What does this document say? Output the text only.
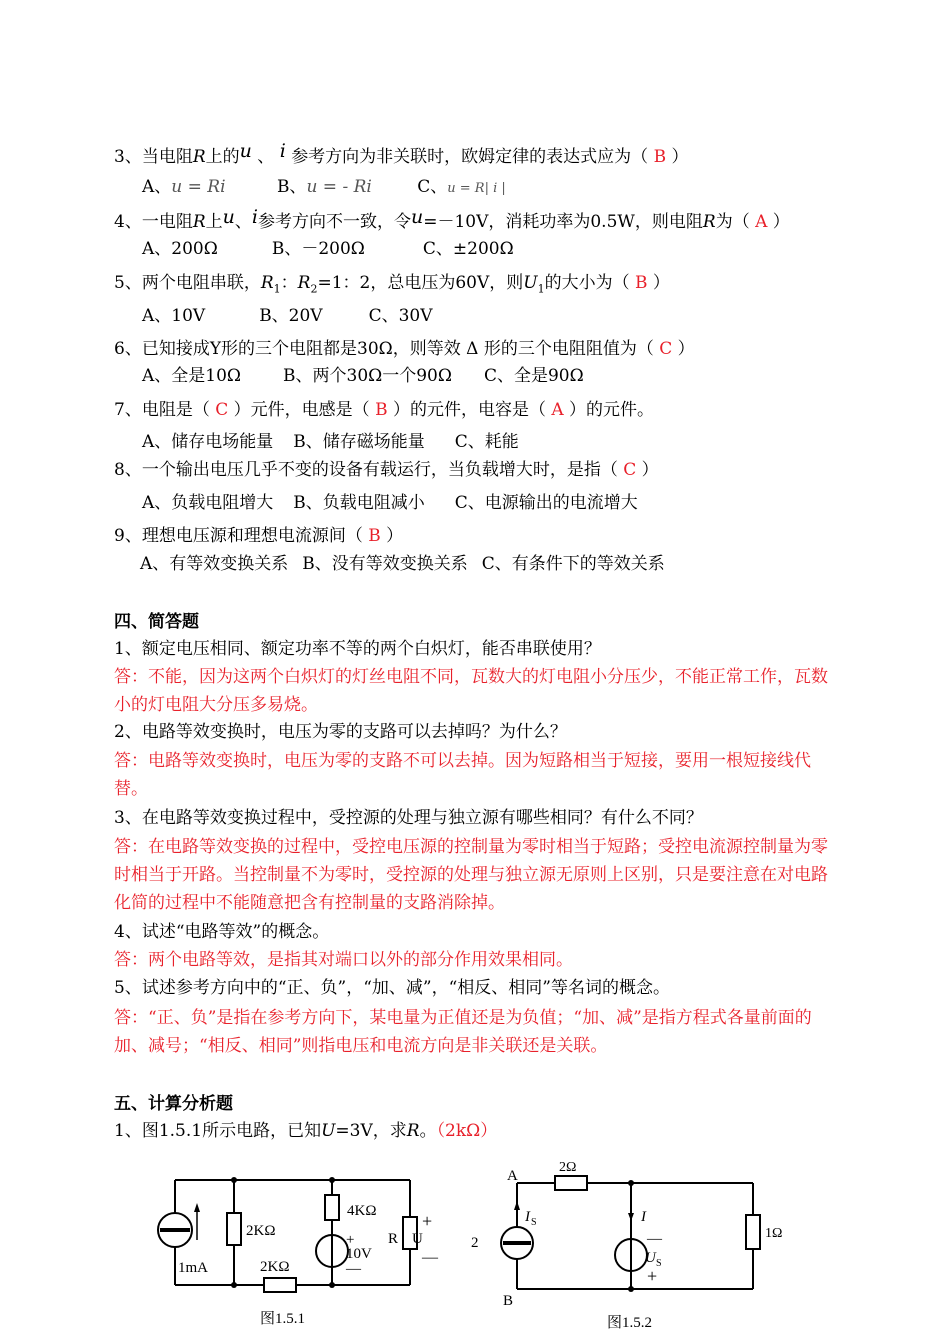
3、当电阻R上的u 、 i 参考方向为非关联时，欧姆定律的表达式应为（ B ）
A、u = Ri	B、u = - Ri	C、u = R| i |
4、一电阻R上u、i参考方向不一致，令u=－10V，消耗功率为0.5W，则电阻R为（ A ）
A、200Ω	B、－200Ω	C、±200Ω
5、两个电阻串联，$R_1$：$R_2=1$：2，总电压为60V，则$U_1$的大小为（ B ）
A、10V	B、20V	C、30V
6、已知接成Y形的三个电阻都是30Ω，则等效 Δ 形的三个电阻阻值为（ C ）
A、全是10Ω B、两个30Ω一个90Ω C、全是90Ω
7、电阻是（ C ）元件，电感是（ B ）的元件，电容是（ A ）的元件。
A、储存电场能量 B、储存磁场能量 C、耗能
8、一个输出电压几乎不变的设备有载运行，当负载增大时，是指（ C ）
A、负载电阻增大 B、负载电阻减小 C、电源输出的电流增大
9、理想电压源和理想电流源间（ B ）
A、有等效变换关系 B、没有等效变换关系 C、有条件下的等效关系
四、简答题
1、额定电压相同、额定功率不等的两个白炽灯，能否串联使用？
答：不能，因为这两个白炽灯的灯丝电阻不同，瓦数大的灯电阻小分压少，不能正常工作，瓦数小的灯电阻大分压多易烧。
2、电路等效变换时，电压为零的支路可以去掉吗？为什么？
答：电路等效变换时，电压为零的支路不可以去掉。因为短路相当于短接，要用一根短接线代替。
3、在电路等效变换过程中，受控源的处理与独立源有哪些相同？有什么不同？
答：在电路等效变换的过程中，受控电压源的控制量为零时相当于短路；受控电流源控制量为零时相当于开路。当控制量不为零时，受控源的处理与独立源无原则上区别，只是要注意在对电路化简的过程中不能随意把含有控制量的支路消除掉。
4、试述“电路等效”的概念。
答：两个电路等效，是指其对端口以外的部分作用效果相同。
5、试述参考方向中的“正、负”，“加、减”，“相反、相同”等名词的概念。
答：“正、负”是指在参考方向下，某电量为正值还是为负值；“加、减”是指方程式各量前面的加、减号；“相反、相同”则指电压和电流方向是非关联还是关联。
五、计算分析题
1、图1.5.1所示电路，已知U=3V，求R。（2kΩ）
1mA
2KΩ
4KΩ
2KΩ
+
10V
—
R U
+
—
图1.5.1
2
A
B
2Ω
I S	I
—
U S
+
1Ω
图1.5.2
